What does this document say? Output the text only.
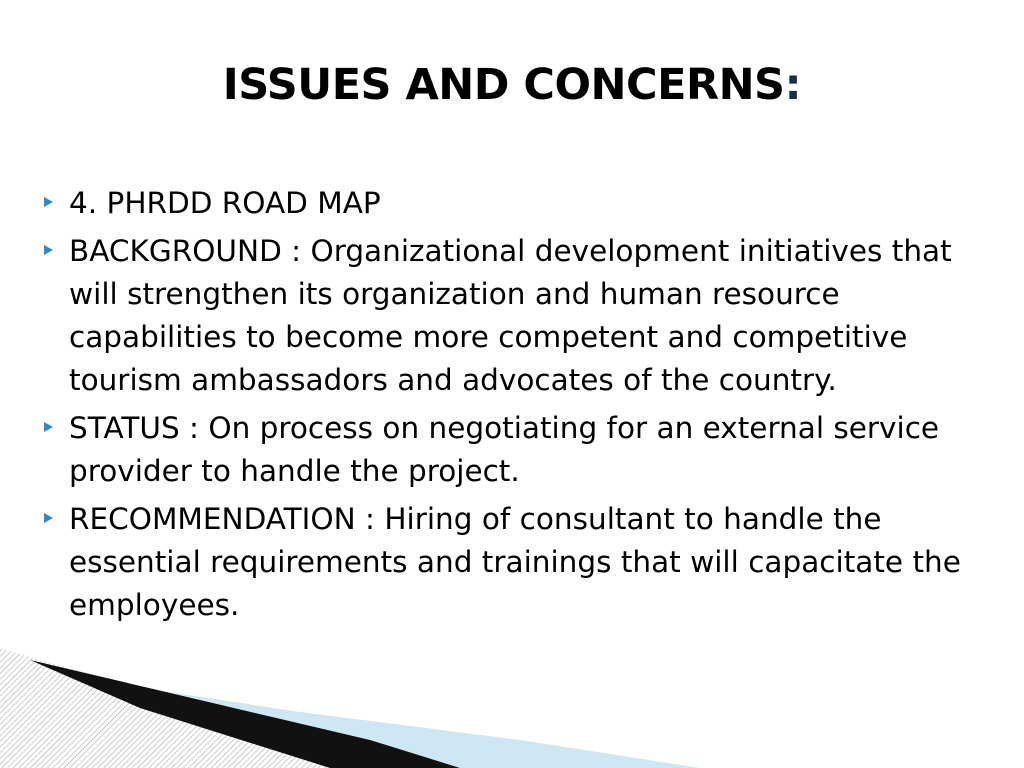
ISSUES AND CONCERNS:
4. PHRDD ROAD MAP
BACKGROUND : Organizational development initiatives that will strengthen its organization and human resource capabilities to become more competent and competitive tourism ambassadors and advocates of the country.
STATUS : On process on negotiating for an external service provider to handle the project.
RECOMMENDATION : Hiring of consultant to handle the essential requirements and trainings that will capacitate the employees.
